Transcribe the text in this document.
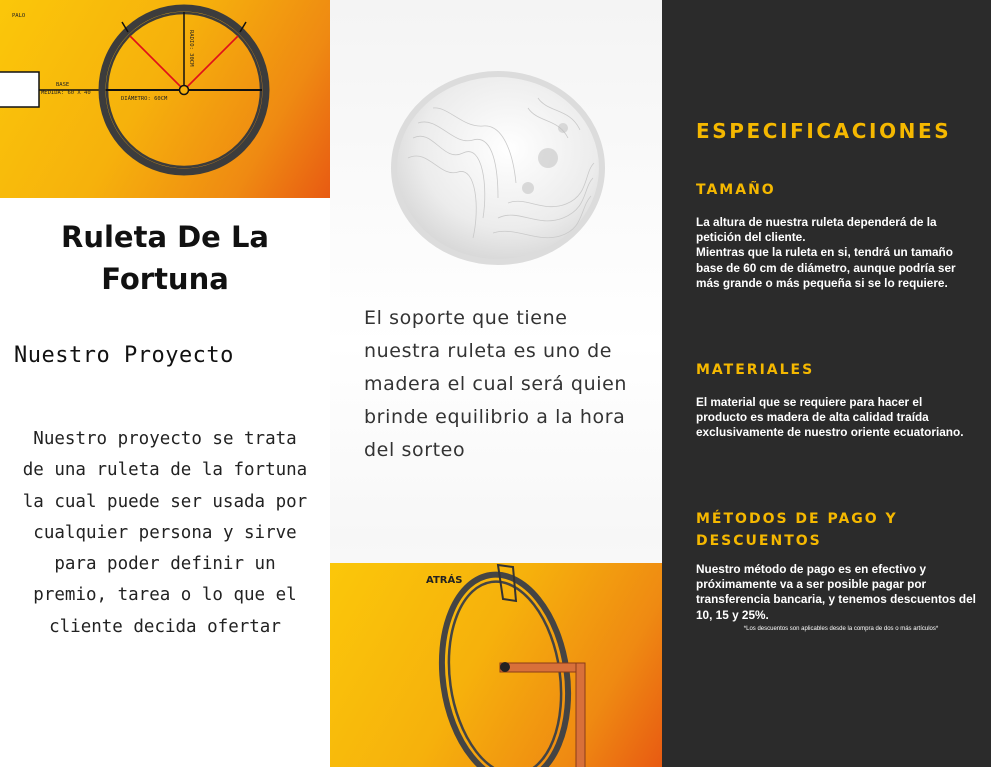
PALO
BASE
MEDIDA: 60 X 40
DIÁMETRO: 60CM
RADIO: 30CM
Ruleta De La Fortuna

Nuestro Proyecto

Nuestro proyecto se trata de una ruleta de la fortuna la cual puede ser usada por cualquier persona y sirve para poder definir un premio, tarea o lo que el cliente decida ofertar

El soporte que tiene nuestra ruleta es uno de madera el cual será quien brinde equilibrio a la hora del sorteo

ATRÁS
ESPECIFICACIONES
TAMAÑO

La altura de nuestra ruleta dependerá de la petición del cliente.
Mientras que la ruleta en si, tendrá un tamaño base de 60 cm de diámetro, aunque podría ser más grande o más pequeña si se lo requiere.

MATERIALES

El material que se requiere para hacer el producto es madera de alta calidad traída exclusivamente de nuestro oriente ecuatoriano.

MÉTODOS DE PAGO Y DESCUENTOS

Nuestro método de pago es en efectivo y próximamente va a ser posible pagar por transferencia bancaria, y tenemos descuentos del 10, 15 y 25%.

*Los descuentos son aplicables desde la compra de dos o más artículos*
